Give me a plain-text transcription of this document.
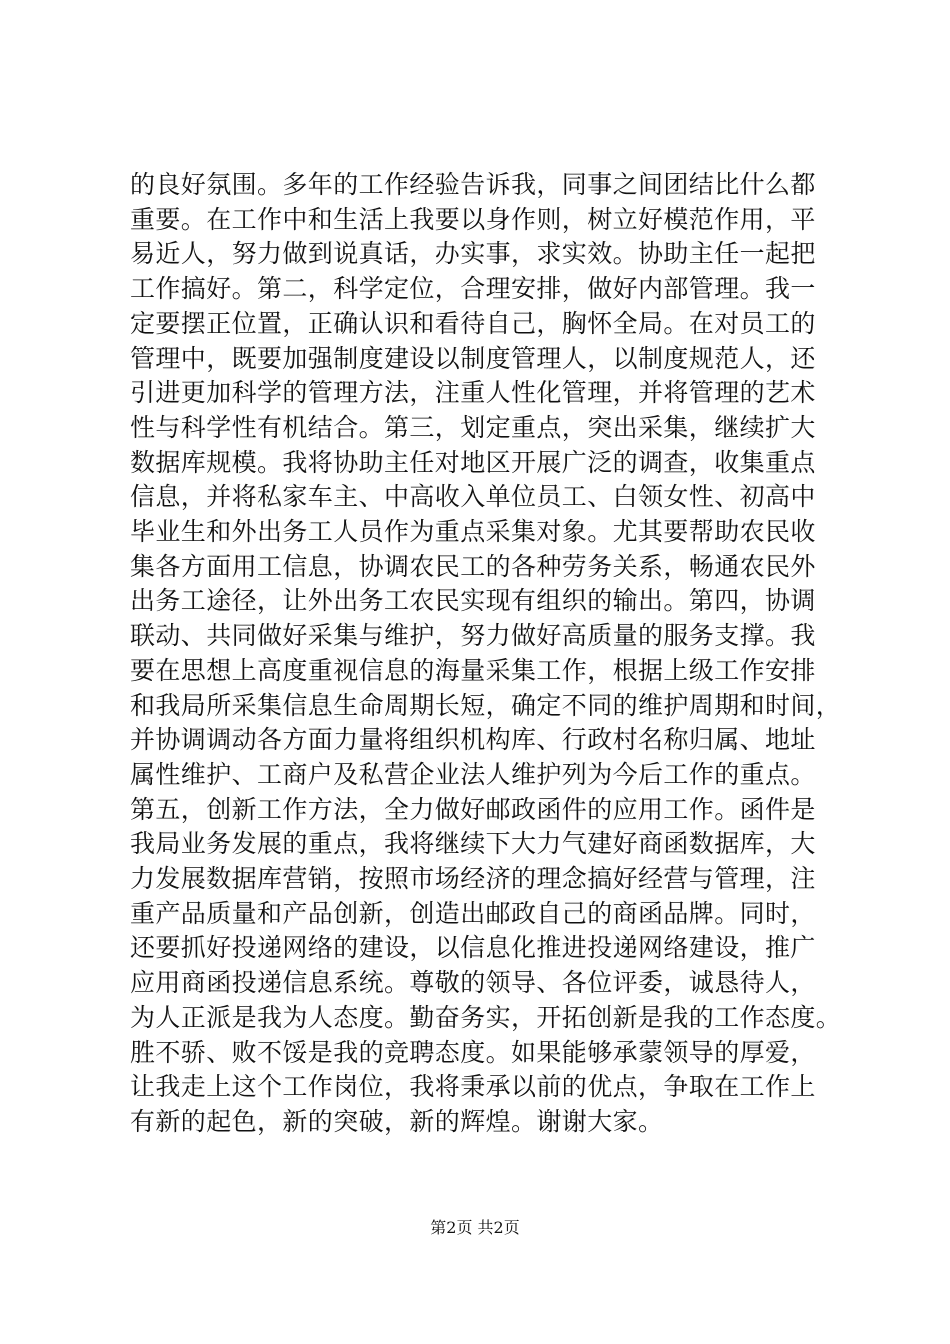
的良好氛围。多年的工作经验告诉我，同事之间团结比什么都
重要。在工作中和生活上我要以身作则，树立好模范作用，平
易近人，努力做到说真话，办实事，求实效。协助主任一起把
工作搞好。第二，科学定位，合理安排，做好内部管理。我一
定要摆正位置，正确认识和看待自己，胸怀全局。在对员工的
管理中，既要加强制度建设以制度管理人，以制度规范人，还
引进更加科学的管理方法，注重人性化管理，并将管理的艺术
性与科学性有机结合。第三，划定重点，突出采集，继续扩大
数据库规模。我将协助主任对地区开展广泛的调查，收集重点
信息，并将私家车主、中高收入单位员工、白领女性、初高中
毕业生和外出务工人员作为重点采集对象。尤其要帮助农民收
集各方面用工信息，协调农民工的各种劳务关系，畅通农民外
出务工途径，让外出务工农民实现有组织的输出。第四，协调
联动、共同做好采集与维护，努力做好高质量的服务支撑。我
要在思想上高度重视信息的海量采集工作，根据上级工作安排
和我局所采集信息生命周期长短，确定不同的维护周期和时间，
并协调调动各方面力量将组织机构库、行政村名称归属、地址
属性维护、工商户及私营企业法人维护列为今后工作的重点。
第五，创新工作方法，全力做好邮政函件的应用工作。函件是
我局业务发展的重点，我将继续下大力气建好商函数据库，大
力发展数据库营销，按照市场经济的理念搞好经营与管理，注
重产品质量和产品创新，创造出邮政自己的商函品牌。同时，
还要抓好投递网络的建设，以信息化推进投递网络建设，推广
应用商函投递信息系统。尊敬的领导、各位评委，诚恳待人，
为人正派是我为人态度。勤奋务实，开拓创新是我的工作态度。
胜不骄、败不馁是我的竞聘态度。如果能够承蒙领导的厚爱，
让我走上这个工作岗位，我将秉承以前的优点，争取在工作上
有新的起色，新的突破，新的辉煌。谢谢大家。
第2页 共2页
